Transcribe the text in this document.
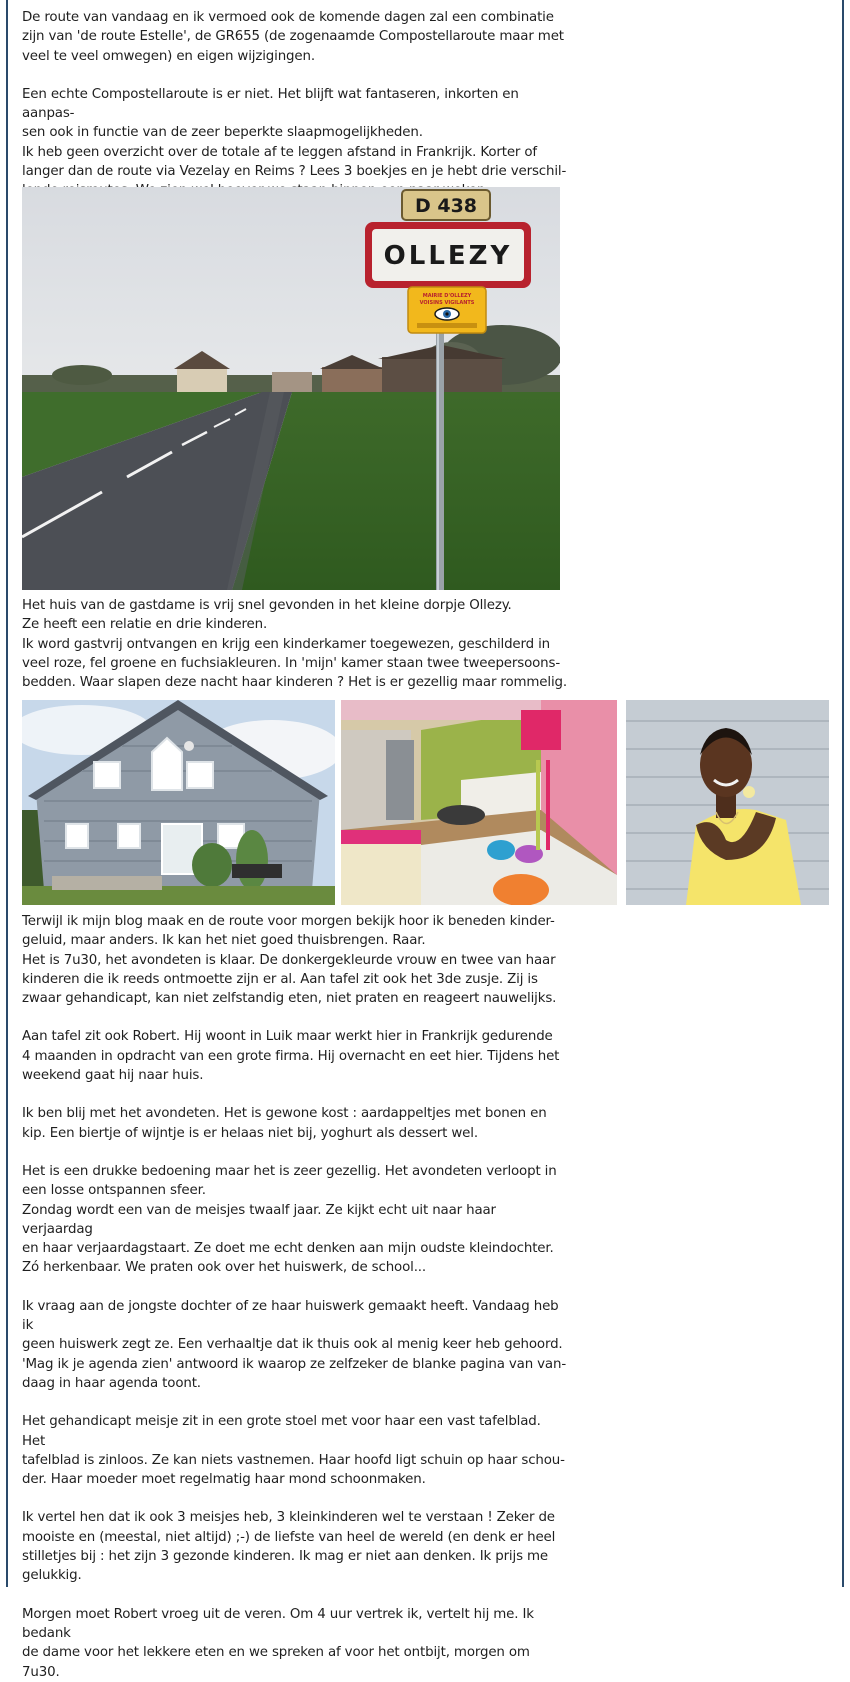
De route van vandaag en ik vermoed ook de komende dagen zal een combinatie
zijn van 'de route Estelle', de GR655 (de zogenaamde Compostellaroute maar met
veel te veel omwegen) en eigen wijzigingen.

Een echte Compostellaroute is er niet. Het blijft wat fantaseren, inkorten en aanpas-
sen ook in functie van de zeer beperkte slaapmogelijkheden.
Ik heb geen overzicht over de totale af te leggen afstand in Frankrijk. Korter of
langer dan de route via Vezelay en Reims ? Lees 3 boekjes en je hebt drie verschil-

D 438
OLLEZY
MAIRIE D'OLLEZY
VOISINS VIGILANTS

Het huis van de gastdame is vrij snel gevonden in het kleine dorpje Ollezy.
Ze heeft een relatie en drie kinderen.
Ik word gastvrij ontvangen en krijg een kinderkamer toegewezen, geschilderd in
veel roze, fel groene en fuchsiakleuren. In 'mijn' kamer staan twee tweepersoons-
bedden. Waar slapen deze nacht haar kinderen ? Het is er gezellig maar rommelig.

Terwijl ik mijn blog maak en de route voor morgen bekijk hoor ik beneden kinder-
geluid, maar anders. Ik kan het niet goed thuisbrengen. Raar.
Het is 7u30, het avondeten is klaar. De donkergekleurde vrouw en twee van haar
kinderen die ik reeds ontmoette zijn er al. Aan tafel zit ook het 3de zusje. Zij is
zwaar gehandicapt, kan niet zelfstandig eten, niet praten en reageert nauwelijks.

Aan tafel zit ook Robert. Hij woont in Luik maar werkt hier in Frankrijk gedurende
4 maanden in opdracht van een grote firma. Hij overnacht en eet hier. Tijdens het
weekend gaat hij naar huis.

Ik ben blij met het avondeten. Het is gewone kost : aardappeltjes met bonen en
kip. Een biertje of wijntje is er helaas niet bij, yoghurt als dessert wel.

Het is een drukke bedoening maar het is zeer gezellig. Het avondeten verloopt in
een losse ontspannen sfeer.
Zondag wordt een van de meisjes twaalf jaar. Ze kijkt echt uit naar haar verjaardag
en haar verjaardagstaart. Ze doet me echt denken aan mijn oudste kleindochter.
Zó herkenbaar. We praten ook over het huiswerk, de school...

Ik vraag aan de jongste dochter of ze haar huiswerk gemaakt heeft. Vandaag heb ik
geen huiswerk zegt ze. Een verhaaltje dat ik thuis ook al menig keer heb gehoord.
'Mag ik je agenda zien' antwoord ik waarop ze zelfzeker de blanke pagina van van-
daag in haar agenda toont.

Het gehandicapt meisje zit in een grote stoel met voor haar een vast tafelblad. Het
tafelblad is zinloos. Ze kan niets vastnemen. Haar hoofd ligt schuin op haar schou-
der. Haar moeder moet regelmatig haar mond schoonmaken.

Ik vertel hen dat ik ook 3 meisjes heb, 3 kleinkinderen wel te verstaan ! Zeker de
mooiste en (meestal, niet altijd) ;-) de liefste van heel de wereld (en denk er heel
stilletjes bij : het zijn 3 gezonde kinderen. Ik mag er niet aan denken. Ik prijs me
gelukkig.

Morgen moet Robert vroeg uit de veren. Om 4 uur vertrek ik, vertelt hij me. Ik bedank
de dame voor het lekkere eten en we spreken af voor het ontbijt, morgen om 7u30.
